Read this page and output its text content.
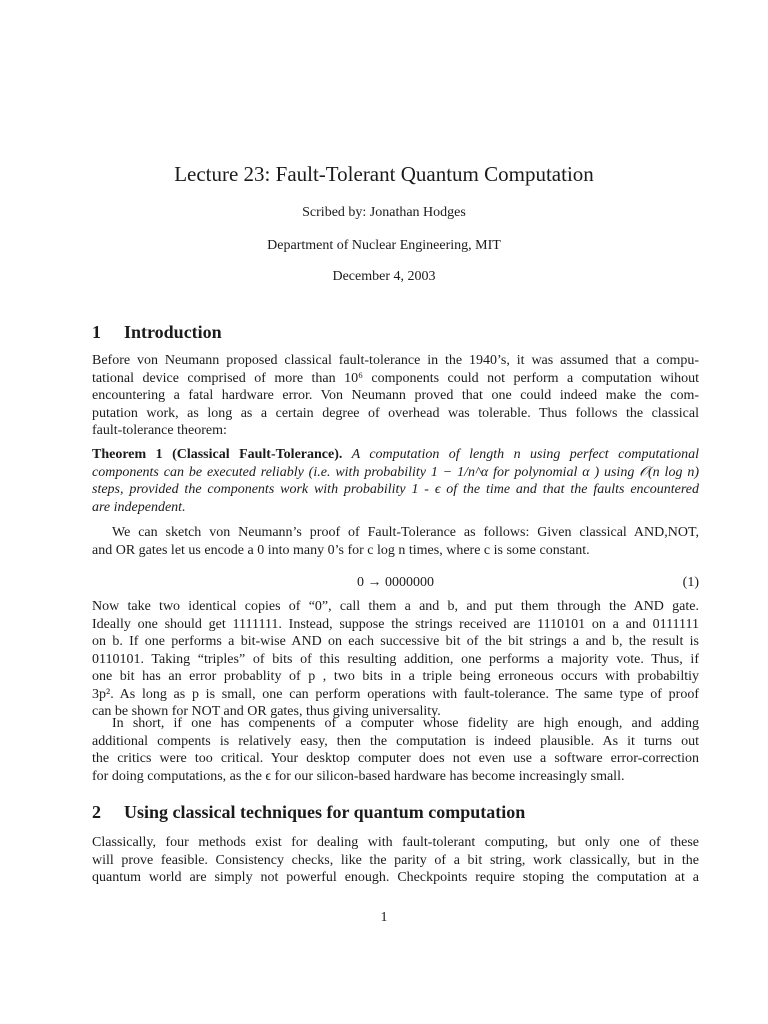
Lecture 23: Fault-Tolerant Quantum Computation
Scribed by: Jonathan Hodges
Department of Nuclear Engineering, MIT
December 4, 2003
1 Introduction
Before von Neumann proposed classical fault-tolerance in the 1940’s, it was assumed that a compu-
tational device comprised of more than 10⁶ components could not perform a computation wihout
encountering a fatal hardware error. Von Neumann proved that one could indeed make the com-
putation work, as long as a certain degree of overhead was tolerable. Thus follows the classical
fault-tolerance theorem:
Theorem 1 (Classical Fault-Tolerance). A computation of length n using perfect computational
components can be executed reliably (i.e. with probability 1 − 1/n^α for polynomial α ) using 𝒪(n log n)
steps, provided the components work with probability 1 - ϵ of the time and that the faults encountered
are independent.
We can sketch von Neumann’s proof of Fault-Tolerance as follows: Given classical AND,NOT,
and OR gates let us encode a 0 into many 0’s for c log n times, where c is some constant.
0 → 0000000	(1)
Now take two identical copies of “0”, call them a and b, and put them through the AND gate.
Ideally one should get 1111111. Instead, suppose the strings received are 1110101 on a and 0111111
on b. If one performs a bit-wise AND on each successive bit of the bit strings a and b, the result is
0110101. Taking “triples” of bits of this resulting addition, one performs a majority vote. Thus, if
one bit has an error probablity of p , two bits in a triple being erroneous occurs with probabiltiy
3p². As long as p is small, one can perform operations with fault-tolerance. The same type of proof
can be shown for NOT and OR gates, thus giving universality.
In short, if one has compenents of a computer whose fidelity are high enough, and adding
additional compents is relatively easy, then the computation is indeed plausible. As it turns out
the critics were too critical. Your desktop computer does not even use a software error-correction
for doing computations, as the ϵ for our silicon-based hardware has become increasingly small.
2 Using classical techniques for quantum computation
Classically, four methods exist for dealing with fault-tolerant computing, but only one of these
will prove feasible. Consistency checks, like the parity of a bit string, work classically, but in the
quantum world are simply not powerful enough. Checkpoints require stoping the computation at a
1
